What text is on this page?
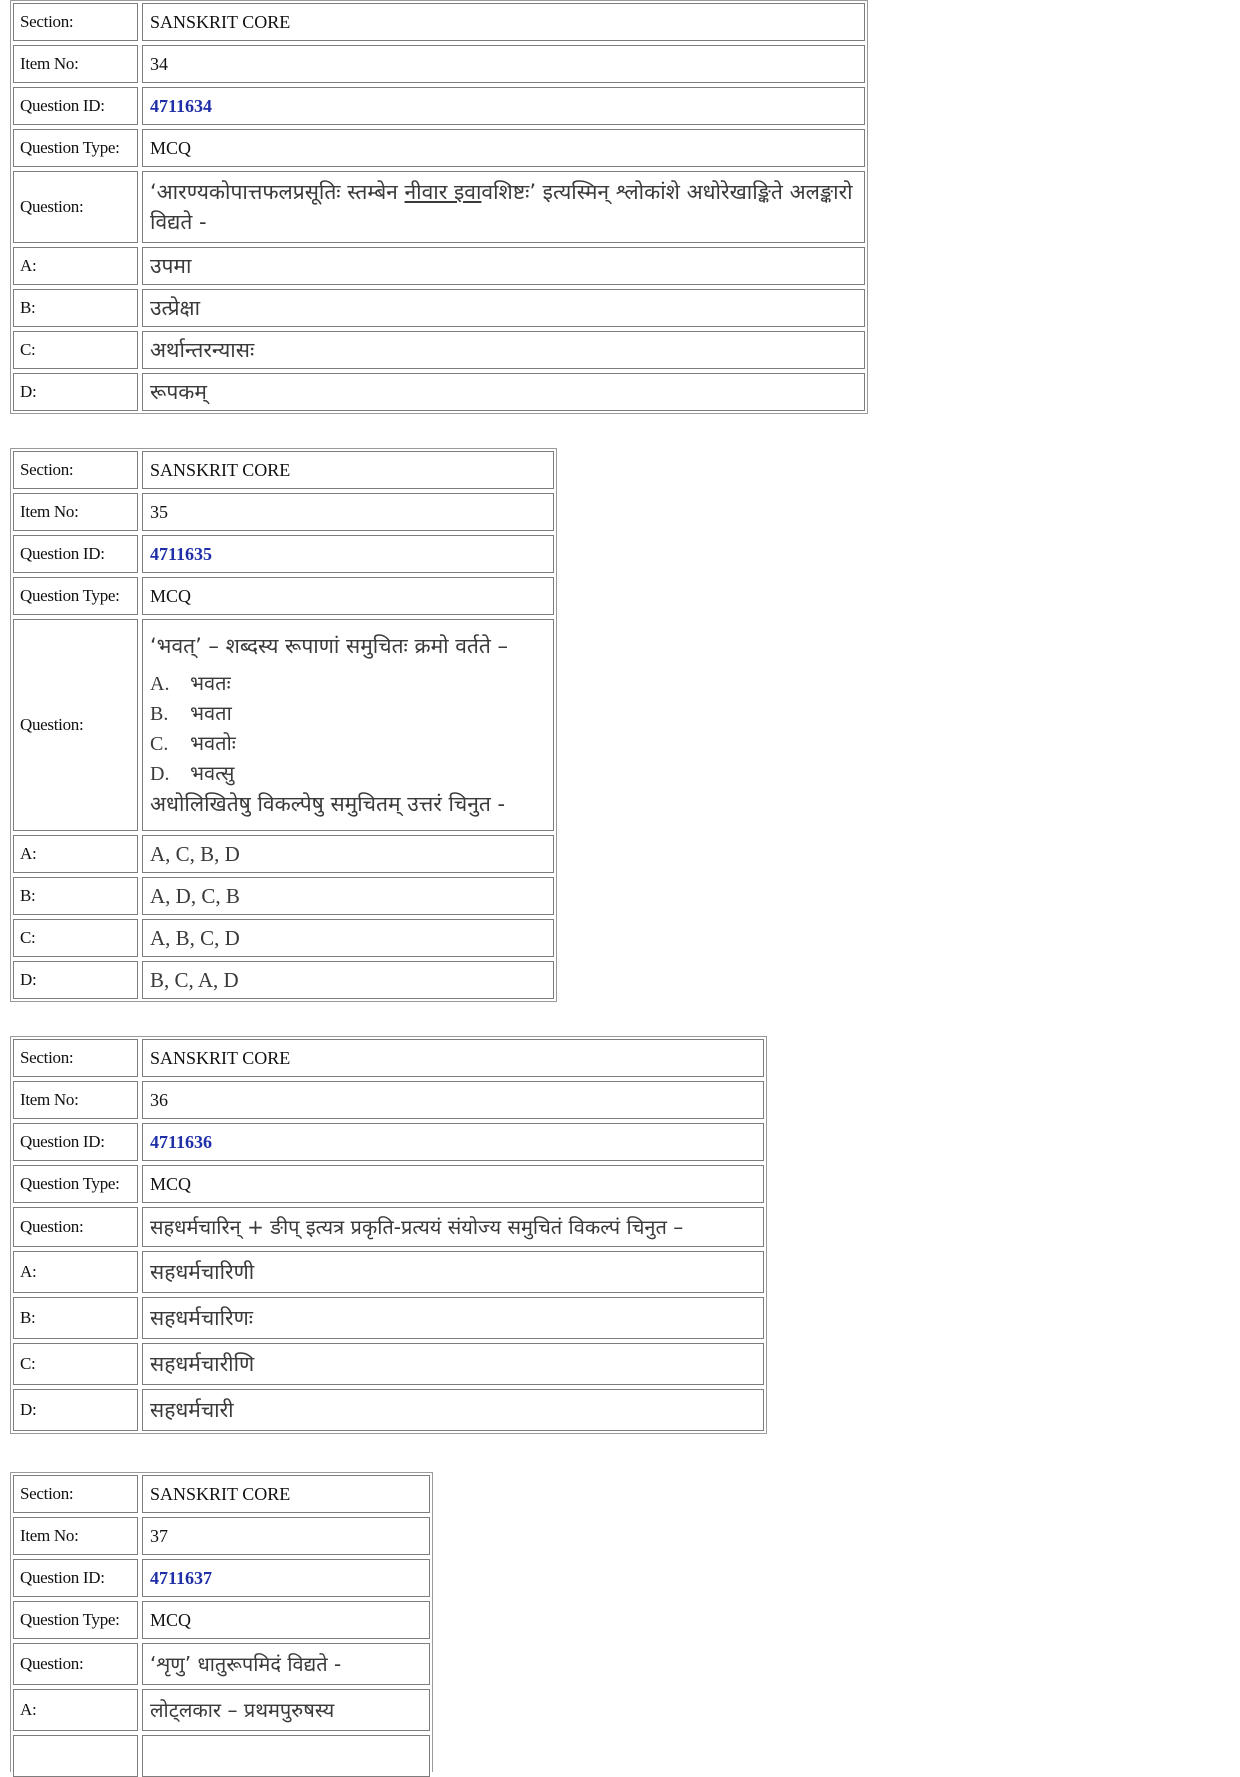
Section:	SANSKRIT CORE
Item No:	34
Question ID:	4711634
Question Type:	MCQ
Question:
‘आरण्यकोपात्तफलप्रसूतिः स्तम्बेन नीवार इवावशिष्टः’ इत्यस्मिन् श्लोकांशे अधोरेखाङ्किते अलङ्कारो विद्यते -
A:	उपमा
B:	उत्प्रेक्षा
C:	अर्थान्तरन्यासः
D:	रूपकम्
Section:	SANSKRIT CORE
Item No:	35
Question ID:	4711635
Question Type:	MCQ
Question:
‘भवत्’ – शब्दस्य रूपाणां समुचितः क्रमो वर्तते –
A. भवतः
B. भवता
C. भवतोः
D. भवत्सु
अधोलिखितेषु विकल्पेषु समुचितम् उत्तरं चिनुत -
A:	A, C, B, D
B:	A, D, C, B
C:	A, B, C, D
D:	B, C, A, D
Section:	SANSKRIT CORE
Item No:	36
Question ID:	4711636
Question Type:	MCQ
Question:	सहधर्मचारिन् + ङीप् इत्यत्र प्रकृति-प्रत्ययं संयोज्य समुचितं विकल्पं चिनुत –
A:	सहधर्मचारिणी
B:	सहधर्मचारिणः
C:	सहधर्मचारीणि
D:	सहधर्मचारी
Section:	SANSKRIT CORE
Item No:	37
Question ID:	4711637
Question Type:	MCQ
Question:	‘शृणु’ धातुरूपमिदं विद्यते -
A:	लोट्लकार – प्रथमपुरुषस्य
